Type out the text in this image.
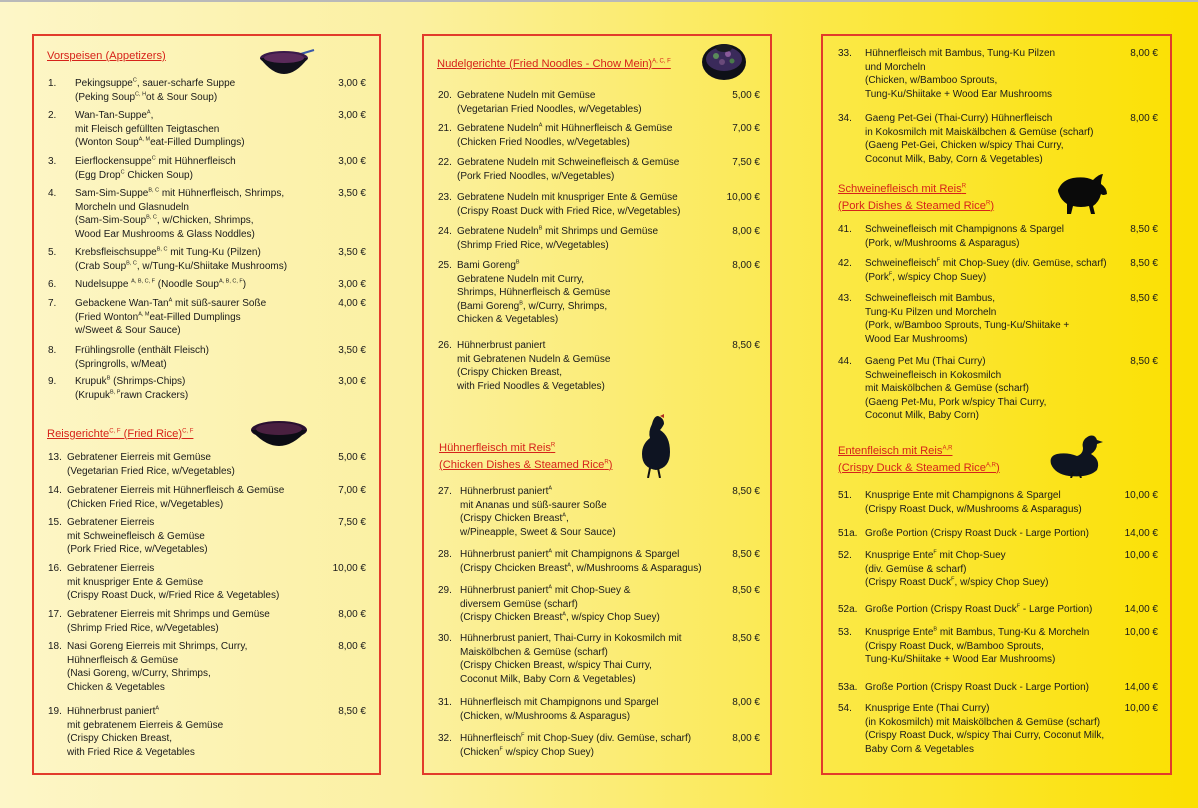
Vorspeisen (Appetizers)
1. Pekingsuppe$^C$, sauer-scharfe Suppe
(Peking Soup$^{C, H}$ot & Sour Soup)
3,00 €
2. Wan-Tan-Suppe$^A$,
mit Fleisch gefüllten Teigtaschen
(Wonton Soup$^{A, M}$eat-Filled Dumplings)
3,00 €
3. Eierflockensuppe$^C$ mit Hühnerfleisch
(Egg Drop$^C$ Chicken Soup)
3,00 €
4. Sam-Sim-Suppe$^{B, C}$ mit Hühnerfleisch, Shrimps,
Morcheln und Glasnudeln
(Sam-Sim-Soup$^{B, C}$, w/Chicken, Shrimps,
Wood Ear Mushrooms & Glass Noddles)
3,50 €
5. Krebsfleischsuppe$^{B, C}$ mit Tung-Ku (Pilzen)
(Crab Soup$^{B, C}$, w/Tung-Ku/Shiitake Mushrooms)
3,50 €
6. Nudelsuppe $^{A, B, C, F}$ (Noodle Soup$^{A, B, C, F}$)	3,00 €
7. Gebackene Wan-Tan$^A$ mit süß-saurer Soße
(Fried Wonton$^{A, M}$eat-Filled Dumplings
w/Sweet & Sour Sauce)
4,00 €
8. Frühlingsrolle (enthält Fleisch)
(Springrolls, w/Meat)
3,50 €
9. Krupuk$^B$ (Shrimps-Chips)
(Krupuk$^{B, P}$rawn Crackers)
3,00 €
Reisgerichte$^{C, F}$ (Fried Rice)$^{C, F}$
13. Gebratener Eierreis mit Gemüse
(Vegetarian Fried Rice, w/Vegetables)
5,00 €
14. Gebratener Eierreis mit Hühnerfleisch & Gemüse
(Chicken Fried Rice, w/Vegetables)
7,00 €
15. Gebratener Eierreis
mit Schweinefleisch & Gemüse
(Pork Fried Rice, w/Vegetables)
7,50 €
16. Gebratener Eierreis
mit knuspriger Ente & Gemüse
(Crispy Roast Duck, w/Fried Rice & Vegetables)
10,00 €
17. Gebratener Eierreis mit Shrimps und Gemüse
(Shrimp Fried Rice, w/Vegetables)
8,00 €
18. Nasi Goreng Eierreis mit Shrimps, Curry,
Hühnerfleisch & Gemüse
(Nasi Goreng, w/Curry, Shrimps,
Chicken & Vegetables
8,00 €
19. Hühnerbrust paniert$^A$
mit gebratenem Eierreis & Gemüse
(Crispy Chicken Breast,
with Fried Rice & Vegetables
8,50 €
Nudelgerichte (Fried Noodles - Chow Mein)$^{A, C, F}$
20. Gebratene Nudeln mit Gemüse
(Vegetarian Fried Noodles, w/Vegetables)
5,00 €
21. Gebratene Nudeln$^A$ mit Hühnerfleisch & Gemüse
(Chicken Fried Noodles, w/Vegetables)
7,00 €
22. Gebratene Nudeln mit Schweinefleisch & Gemüse
(Pork Fried Noodles, w/Vegetables)
7,50 €
23. Gebratene Nudeln mit knuspriger Ente & Gemüse
(Crispy Roast Duck with Fried Rice, w/Vegetables)
10,00 €
24. Gebratene Nudeln$^B$ mit Shrimps und Gemüse
(Shrimp Fried Rice, w/Vegetables)
8,00 €
25. Bami Goreng$^B$
Gebratene Nudeln mit Curry,
Shrimps, Hühnerfleisch & Gemüse
(Bami Goreng$^B$, w/Curry, Shrimps,
Chicken & Vegetables)
8,00 €
26. Hühnerbrust paniert
mit Gebratenen Nudeln & Gemüse
(Crispy Chicken Breast,
with Fried Noodles & Vegetables)
8,50 €
Hühnerfleisch mit Reis$^R$
(Chicken Dishes & Steamed Rice$^R$)
27. Hühnerbrust paniert$^A$
mit Ananas und süß-saurer Soße
(Crispy Chicken Breast$^A$,
w/Pineapple, Sweet & Sour Sauce)
8,50 €
28. Hühnerbrust paniert$^A$ mit Champignons & Spargel
(Crispy Chcicken Breast$^A$, w/Mushrooms & Asparagus)
8,50 €
29. Hühnerbrust paniert$^A$ mit Chop-Suey &
diversem Gemüse (scharf)
(Crispy Chicken Breast$^A$, w/spicy Chop Suey)
8,50 €
30. Hühnerbrust paniert, Thai-Curry in Kokosmilch mit
Maiskölbchen & Gemüse (scharf)
(Crispy Chicken Breast, w/spicy Thai Curry,
Coconut Milk, Baby Corn & Vegetables)
8,50 €
31. Hühnerfleisch mit Champignons und Spargel
(Chicken, w/Mushrooms & Asparagus)
8,00 €
32. Hühnerfleisch$^F$ mit Chop-Suey (div. Gemüse, scharf)
(Chicken$^F$ w/spicy Chop Suey)
8,00 €
33. Hühnerfleisch mit Bambus, Tung-Ku Pilzen
und Morcheln
(Chicken, w/Bamboo Sprouts,
Tung-Ku/Shiitake + Wood Ear Mushrooms
8,00 €
34. Gaeng Pet-Gei (Thai-Curry) Hühnerfleisch
in Kokosmilch mit Maiskälbchen & Gemüse (scharf)
(Gaeng Pet-Gei, Chicken w/spicy Thai Curry,
Coconut Milk, Baby, Corn & Vegetables)
8,00 €
Schweinefleisch mit Reis$^R$
(Pork Dishes & Steamed Rice$^R$)
41. Schweinefleisch mit Champignons & Spargel
(Pork, w/Mushrooms & Asparagus)
8,50 €
42. Schweinefleisch$^F$ mit Chop-Suey (div. Gemüse, scharf)
(Pork$^F$, w/spicy Chop Suey)
8,50 €
43. Schweinefleisch mit Bambus,
Tung-Ku Pilzen und Morcheln
(Pork, w/Bamboo Sprouts, Tung-Ku/Shiitake +
Wood Ear Mushrooms)
8,50 €
44. Gaeng Pet Mu (Thai Curry)
Schweinefleisch in Kokosmilch
mit Maiskölbchen & Gemüse (scharf)
(Gaeng Pet-Mu, Pork w/spicy Thai Curry,
Coconut Milk, Baby Corn)
8,50 €
Entenfleisch mit Reis$^{A,R}$
(Crispy Duck & Steamed Rice$^{A,R}$)
51. Knusprige Ente mit Champignons & Spargel
(Crispy Roast Duck, w/Mushrooms & Asparagus)
10,00 €
51a. Große Portion (Crispy Roast Duck - Large Portion)	14,00 €
52. Knusprige Ente$^F$ mit Chop-Suey
(div. Gemüse & scharf)
(Crispy Roast Duck$^F$, w/spicy Chop Suey)
10,00 €
52a. Große Portion (Crispy Roast Duck$^F$ - Large Portion)	14,00 €
53. Knusprige Ente$^B$ mit Bambus, Tung-Ku & Morcheln
(Crispy Roast Duck, w/Bamboo Sprouts,
Tung-Ku/Shiitake + Wood Ear Mushrooms)
10,00 €
53a. Große Portion (Crispy Roast Duck - Large Portion)	14,00 €
54. Knusprige Ente (Thai Curry)
(in Kokosmilch) mit Maiskölbchen & Gemüse (scharf)
(Crispy Roast Duck, w/spicy Thai Curry, Coconut Milk,
Baby Corn & Vegetables
10,00 €
